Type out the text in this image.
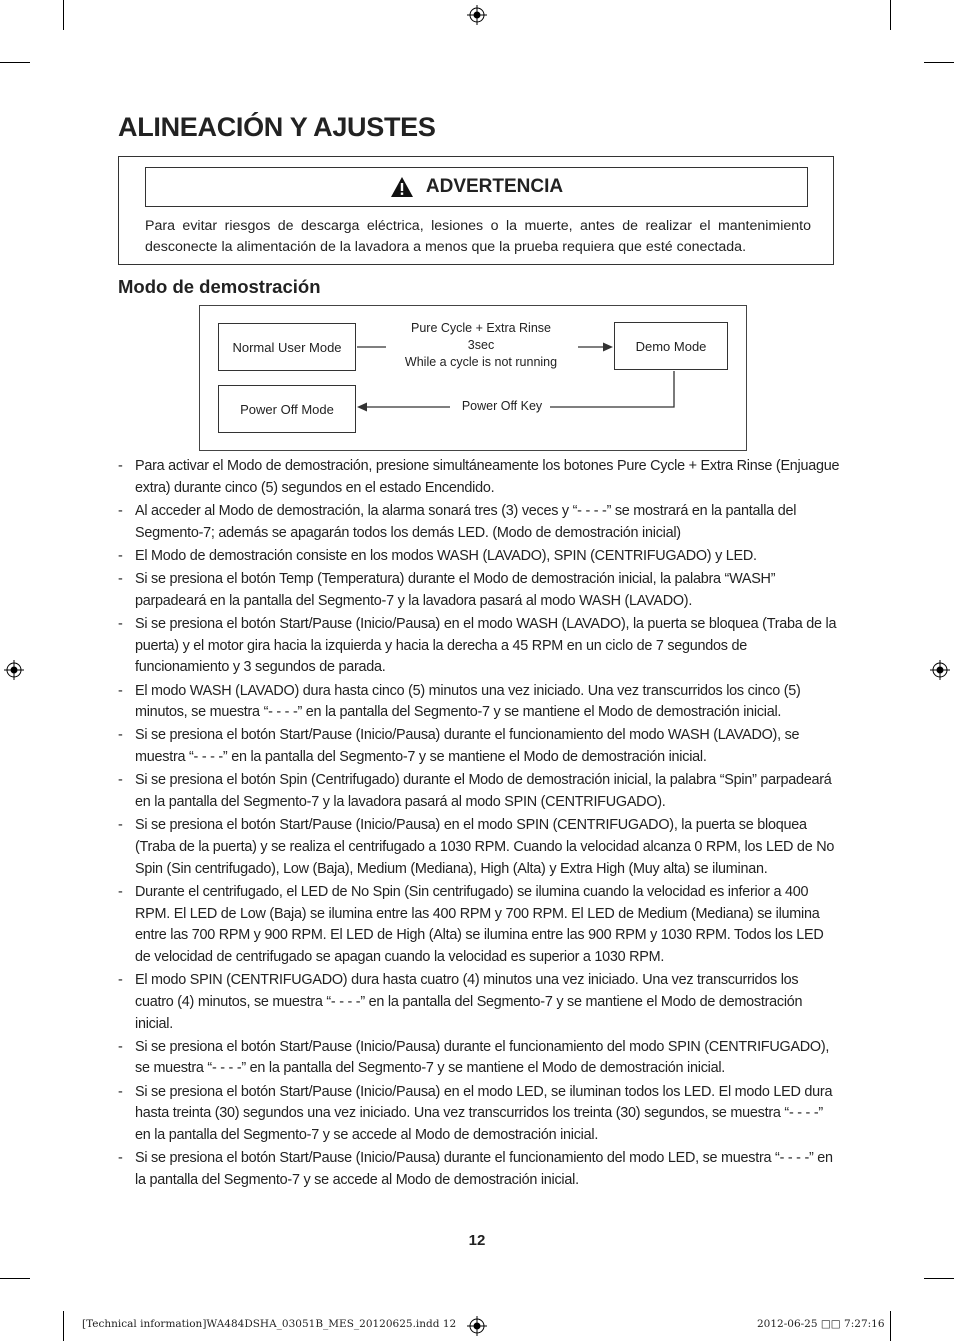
ALINEACIÓN Y AJUSTES
ADVERTENCIA
Para evitar riesgos de descarga eléctrica, lesiones o la muerte, antes de realizar el mantenimiento desconecte la alimentación de la lavadora a menos que la prueba requiera que esté conectada.
Modo de demostración
Normal User Mode	Demo Mode
Power Off Mode
Pure Cycle + Extra Rinse
3sec
While a cycle is not running
Power Off Key
- Para activar el Modo de demostración, presione simultáneamente los botones Pure Cycle + Extra Rinse (Enjuague extra) durante cinco (5) segundos en el estado Encendido.
- Al acceder al Modo de demostración, la alarma sonará tres (3) veces y “- - - -” se mostrará en la pantalla del Segmento-7; además se apagarán todos los demás LED. (Modo de demostración inicial)
- El Modo de demostración consiste en los modos WASH (LAVADO), SPIN (CENTRIFUGADO) y LED.
- Si se presiona el botón Temp (Temperatura) durante el Modo de demostración inicial, la palabra “WASH” parpadeará en la pantalla del Segmento-7 y la lavadora pasará al modo WASH (LAVADO).
- Si se presiona el botón Start/Pause (Inicio/Pausa) en el modo WASH (LAVADO), la puerta se bloquea (Traba de la puerta) y el motor gira hacia la izquierda y hacia la derecha a 45 RPM en un ciclo de 7 segundos de funcionamiento y 3 segundos de parada.
- El modo WASH (LAVADO) dura hasta cinco (5) minutos una vez iniciado. Una vez transcurridos los cinco (5) minutos, se muestra “- - - -” en la pantalla del Segmento-7 y se mantiene el Modo de demostración inicial.
- Si se presiona el botón Start/Pause (Inicio/Pausa) durante el funcionamiento del modo WASH (LAVADO), se muestra “- - - -” en la pantalla del Segmento-7 y se mantiene el Modo de demostración inicial.
- Si se presiona el botón Spin (Centrifugado) durante el Modo de demostración inicial, la palabra “Spin” parpadeará en la pantalla del Segmento-7 y la lavadora pasará al modo SPIN (CENTRIFUGADO).
- Si se presiona el botón Start/Pause (Inicio/Pausa) en el modo SPIN (CENTRIFUGADO), la puerta se bloquea (Traba de la puerta) y se realiza el centrifugado a 1030 RPM. Cuando la velocidad alcanza 0 RPM, los LED de No Spin (Sin centrifugado), Low (Baja), Medium (Mediana), High (Alta) y Extra High (Muy alta) se iluminan.
- Durante el centrifugado, el LED de No Spin (Sin centrifugado) se ilumina cuando la velocidad es inferior a 400 RPM. El LED de Low (Baja) se ilumina entre las 400 RPM y 700 RPM. El LED de Medium (Mediana) se ilumina entre las 700 RPM y 900 RPM. El LED de High (Alta) se ilumina entre las 900 RPM y 1030 RPM. Todos los LED de velocidad de centrifugado se apagan cuando la velocidad es superior a 1030 RPM.
- El modo SPIN (CENTRIFUGADO) dura hasta cuatro (4) minutos una vez iniciado. Una vez transcurridos los cuatro (4) minutos, se muestra “- - - -” en la pantalla del Segmento-7 y se mantiene el Modo de demostración inicial.
- Si se presiona el botón Start/Pause (Inicio/Pausa) durante el funcionamiento del modo SPIN (CENTRIFUGADO), se muestra “- - - -” en la pantalla del Segmento-7 y se mantiene el Modo de demostración inicial.
- Si se presiona el botón Start/Pause (Inicio/Pausa) en el modo LED, se iluminan todos los LED. El modo LED dura hasta treinta (30) segundos una vez iniciado. Una vez transcurridos los treinta (30) segundos, se muestra “- - - -” en la pantalla del Segmento-7 y se accede al Modo de demostración inicial.
- Si se presiona el botón Start/Pause (Inicio/Pausa) durante el funcionamiento del modo LED, se muestra “- - - -” en la pantalla del Segmento-7 y se accede al Modo de demostración inicial.
12
[Technical information]WA484DSHA_03051B_MES_20120625.indd 12	2012-06-25 □□ 7:27:16
